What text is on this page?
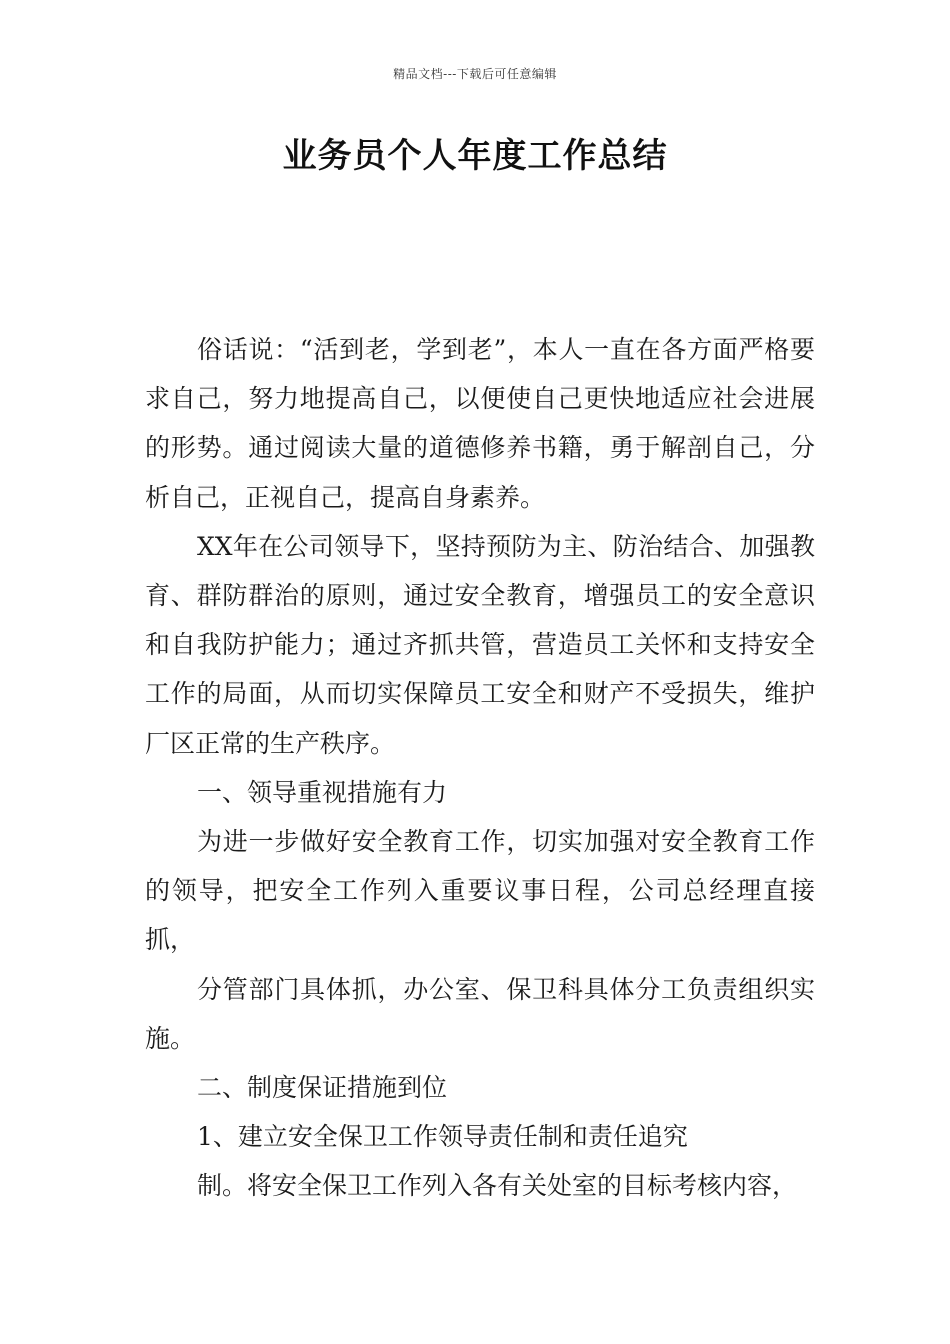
精品文档---下载后可任意编辑
业务员个人年度工作总结

俗话说：“活到老，学到老”，本人一直在各方面严格要求自己，努力地提高自己，以便使自己更快地适应社会进展的形势。通过阅读大量的道德修养书籍，勇于解剖自己，分析自己，正视自己，提高自身素养。

XX年在公司领导下，坚持预防为主、防治结合、加强教育、群防群治的原则，通过安全教育，增强员工的安全意识和自我防护能力；通过齐抓共管，营造员工关怀和支持安全工作的局面，从而切实保障员工安全和财产不受损失，维护厂区正常的生产秩序。

一、领导重视措施有力

为进一步做好安全教育工作，切实加强对安全教育工作的领导，把安全工作列入重要议事日程，公司总经理直接抓，

分管部门具体抓，办公室、保卫科具体分工负责组织实施。

二、制度保证措施到位

1、建立安全保卫工作领导责任制和责任追究

制。将安全保卫工作列入各有关处室的目标考核内容，
